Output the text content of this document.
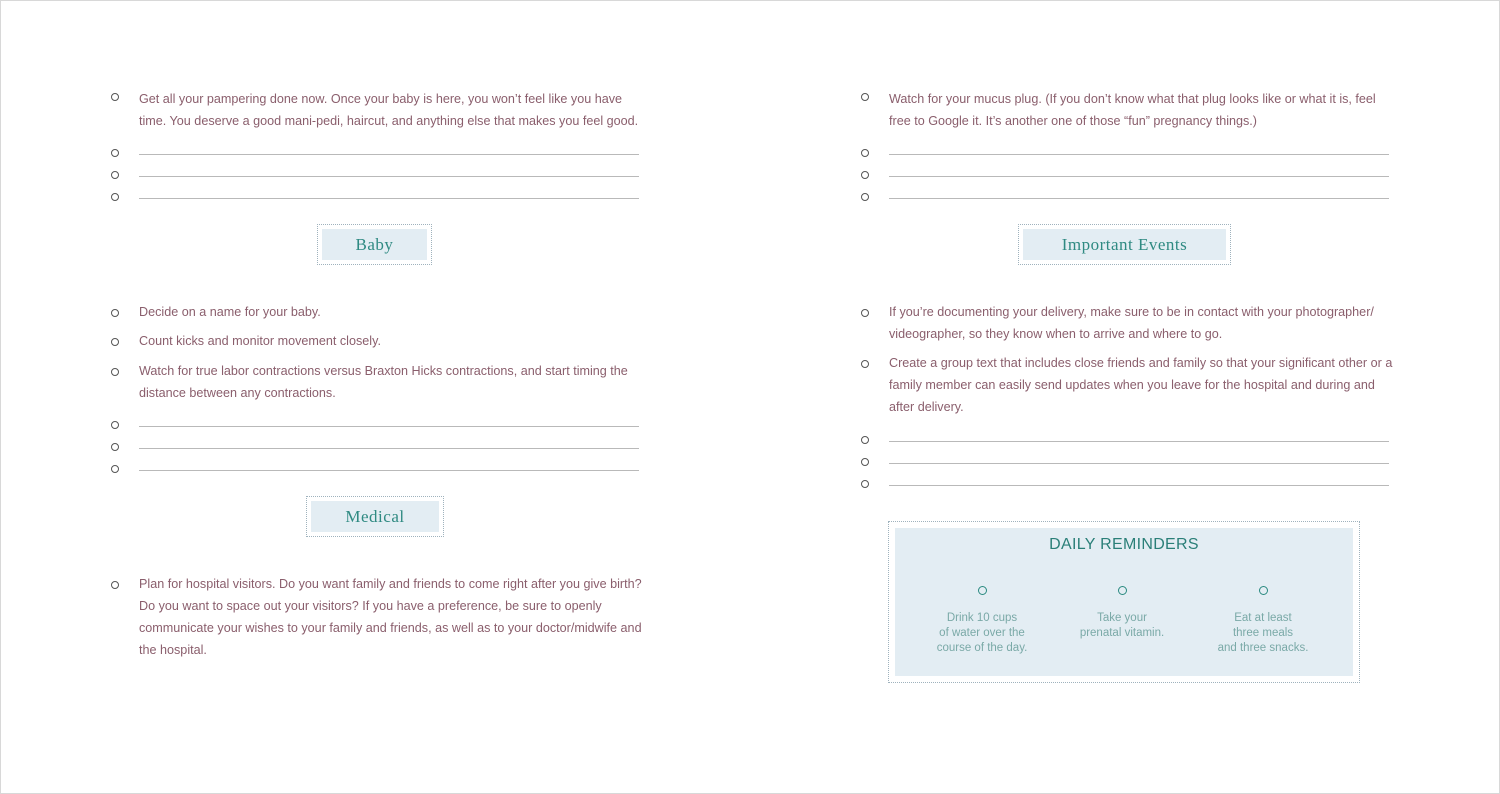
Get all your pampering done now. Once your baby is here, you won’t feel like you have time. You deserve a good mani-pedi, haircut, and anything else that makes you feel good.
Baby
Decide on a name for your baby.
Count kicks and monitor movement closely.
Watch for true labor contractions versus Braxton Hicks contractions, and start timing the distance between any contractions.
Medical
Plan for hospital visitors. Do you want family and friends to come right after you give birth? Do you want to space out your visitors? If you have a preference, be sure to openly communicate your wishes to your family and friends, as well as to your doctor/midwife and the hospital.
Watch for your mucus plug. (If you don’t know what that plug looks like or what it is, feel free to Google it. It’s another one of those “fun” pregnancy things.)
Important Events
If you’re documenting your delivery, make sure to be in contact with your photographer/ videographer, so they know when to arrive and where to go.
Create a group text that includes close friends and family so that your significant other or a family member can easily send updates when you leave for the hospital and during and after delivery.
DAILY REMINDERS
Drink 10 cups
of water over the
course of the day.
Take your
prenatal vitamin.
Eat at least
three meals
and three snacks.
